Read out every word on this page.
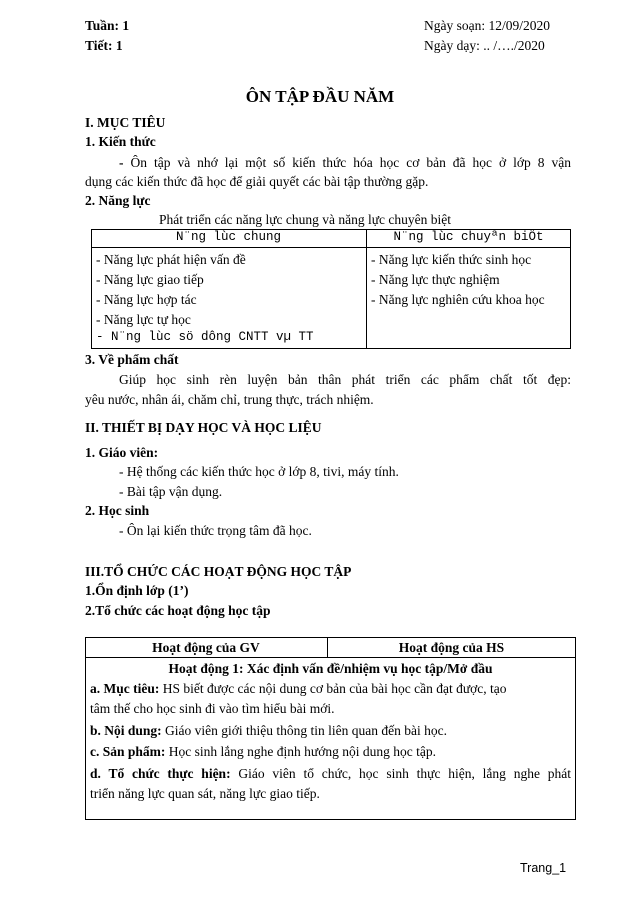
Tuần: 1
Tiết: 1
Ngày soạn: 12/09/2020
Ngày dạy: .. /…./2020
ÔN TẬP ĐẦU NĂM
I. MỤC TIÊU
1. Kiến thức
- Ôn tập và nhớ lại một số kiến thức hóa học cơ bản đã học ở lớp 8 vận
dụng các kiến thức đã học để giải quyết các bài tập thường gặp.
2. Năng lực
Phát triển các năng lực chung và năng lực chuyên biệt
N¨ng lùc chung	N¨ng lùc chuyªn biÖt
- Năng lực phát hiện vấn đề
- Năng lực giao tiếp
- Năng lực hợp tác
- Năng lực tự học
- N¨ng lùc sö dông CNTT vµ TT
- Năng lực kiến thức sinh học
- Năng lực thực nghiệm
- Năng lực nghiên cứu khoa học
3. Về phẩm chất
Giúp học sinh rèn luyện bản thân phát triển các phẩm chất tốt đẹp:
yêu nước, nhân ái, chăm chỉ, trung thực, trách nhiệm.
II. THIẾT BỊ DẠY HỌC VÀ HỌC LIỆU
1. Giáo viên:
- Hệ thống các kiến thức học ở lớp 8, tivi, máy tính.
- Bài tập vận dụng.
2. Học sinh
- Ôn lại kiến thức trọng tâm đã học.
III.TỔ CHỨC CÁC HOẠT ĐỘNG HỌC TẬP
1.Ổn định lớp (1’)
2.Tổ chức các hoạt động học tập
Hoạt động của GV	Hoạt động của HS
Hoạt động 1: Xác định vấn đề/nhiệm vụ học tập/Mở đầu
a. Mục tiêu: HS biết được các nội dung cơ bản của bài học cần đạt được, tạo
tâm thế cho học sinh đi vào tìm hiểu bài mới.
b. Nội dung: Giáo viên giới thiệu thông tin liên quan đến bài học.
c. Sản phẩm: Học sinh lắng nghe định hướng nội dung học tập.
d. Tổ chức thực hiện: Giáo viên tổ chức, học sinh thực hiện, lắng nghe phát
triển năng lực quan sát, năng lực giao tiếp.
Trang_1
